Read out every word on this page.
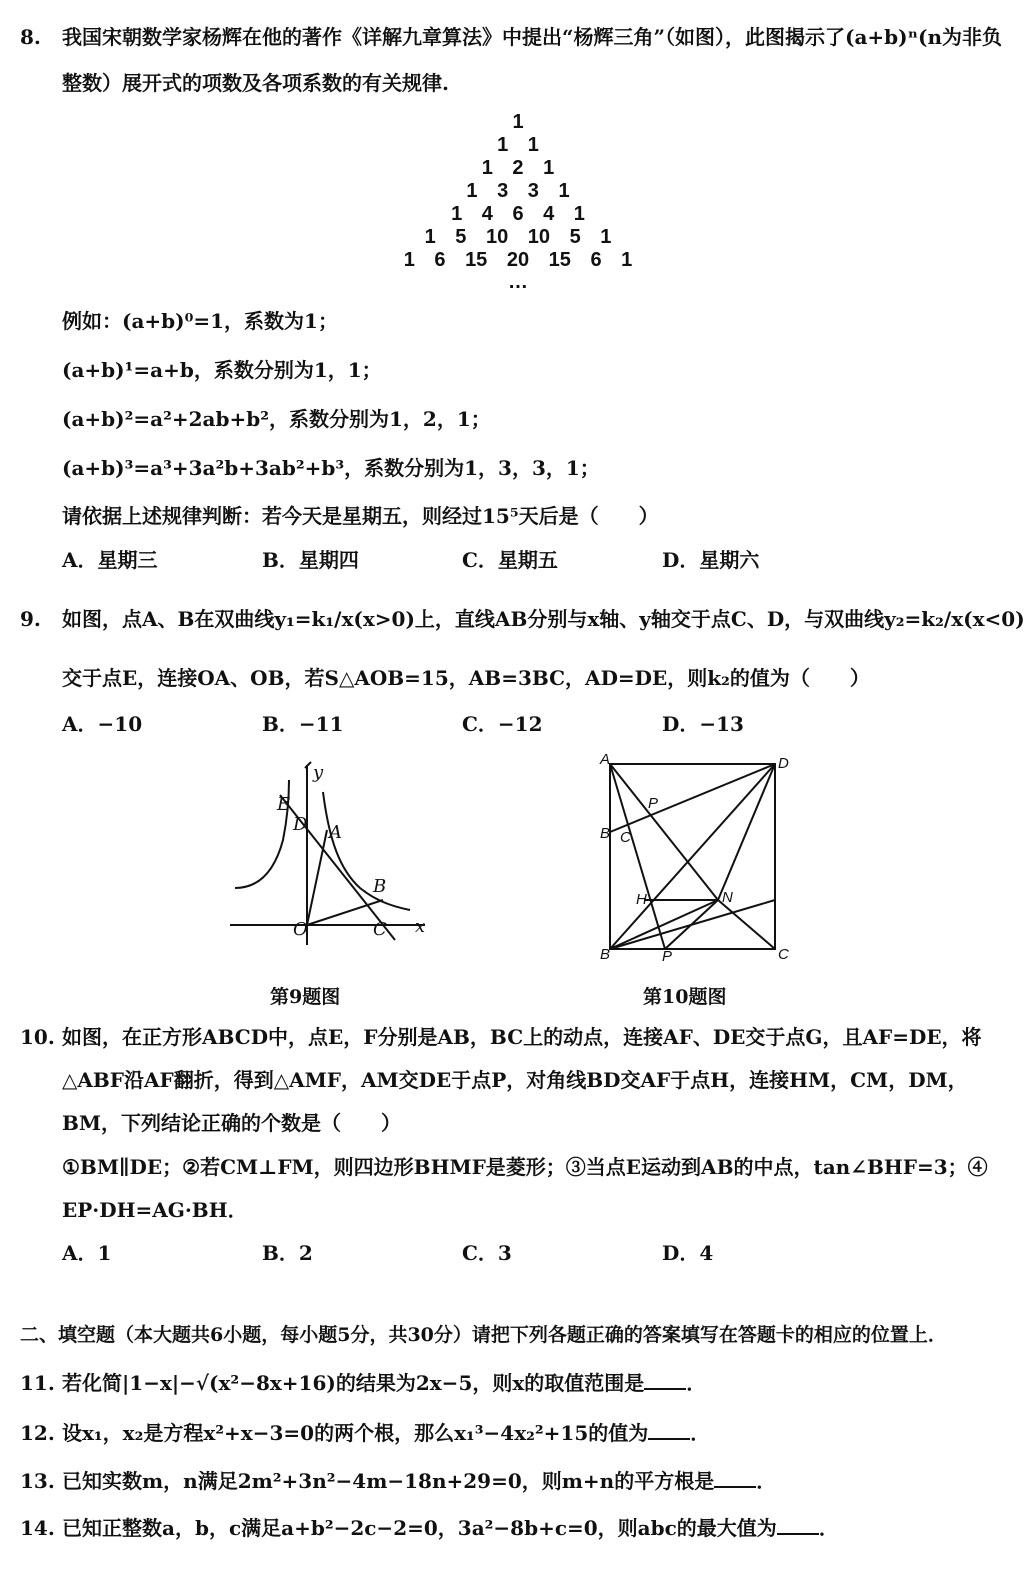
8. 我国宋朝数学家杨辉在他的著作《详解九章算法》中提出“杨辉三角”（如图），此图揭示了(a+b)ⁿ(n为非负
整数）展开式的项数及各项系数的有关规律.
1
1 1
1 2 1
1 3 3 1
1 4 6 4 1
1 5 10 10 5 1
1 6 15 20 15 6 1
…
例如：(a+b)⁰=1，系数为1；
(a+b)¹=a+b，系数分别为1，1；
(a+b)²=a²+2ab+b²，系数分别为1，2，1；
(a+b)³=a³+3a²b+3ab²+b³，系数分别为1，3，3，1；
请依据上述规律判断：若今天是星期五，则经过15⁵天后是（　　）
A．星期三	B．星期四	C．星期五	D．星期六
9. 如图，点A、B在双曲线y₁=k₁/x(x>0)上，直线AB分别与x轴、y轴交于点C、D，与双曲线y₂=k₂/x(x<0)
交于点E，连接OA、OB，若S△AOB=15，AB=3BC，AD=DE，则k₂的值为（　　）
A．−10	B．−11	C．−12	D．−13
E
D A
B
O	C x
y
第9题图
A	D
P
B C
H	N
B	P	C
第10题图
10. 如图，在正方形ABCD中，点E，F分别是AB，BC上的动点，连接AF、DE交于点G，且AF=DE，将
△ABF沿AF翻折，得到△AMF，AM交DE于点P，对角线BD交AF于点H，连接HM，CM，DM，
BM，下列结论正确的个数是（　　）
①BM∥DE；②若CM⊥FM，则四边形BHMF是菱形；③当点E运动到AB的中点，tan∠BHF=3；④
EP·DH=AG·BH．
A．1	B．2	C．3	D．4
二、填空题（本大题共6小题，每小题5分，共30分）请把下列各题正确的答案填写在答题卡的相应的位置上．
11. 若化简|1−x|−√(x²−8x+16)的结果为2x−5，则x的取值范围是 ．
12. 设x₁，x₂是方程x²+x−3=0的两个根，那么x₁³−4x₂²+15的值为 ．
13. 已知实数m，n满足2m²+3n²−4m−18n+29=0，则m+n的平方根是 ．
14. 已知正整数a，b，c满足a+b²−2c−2=0，3a²−8b+c=0，则abc的最大值为 ．
